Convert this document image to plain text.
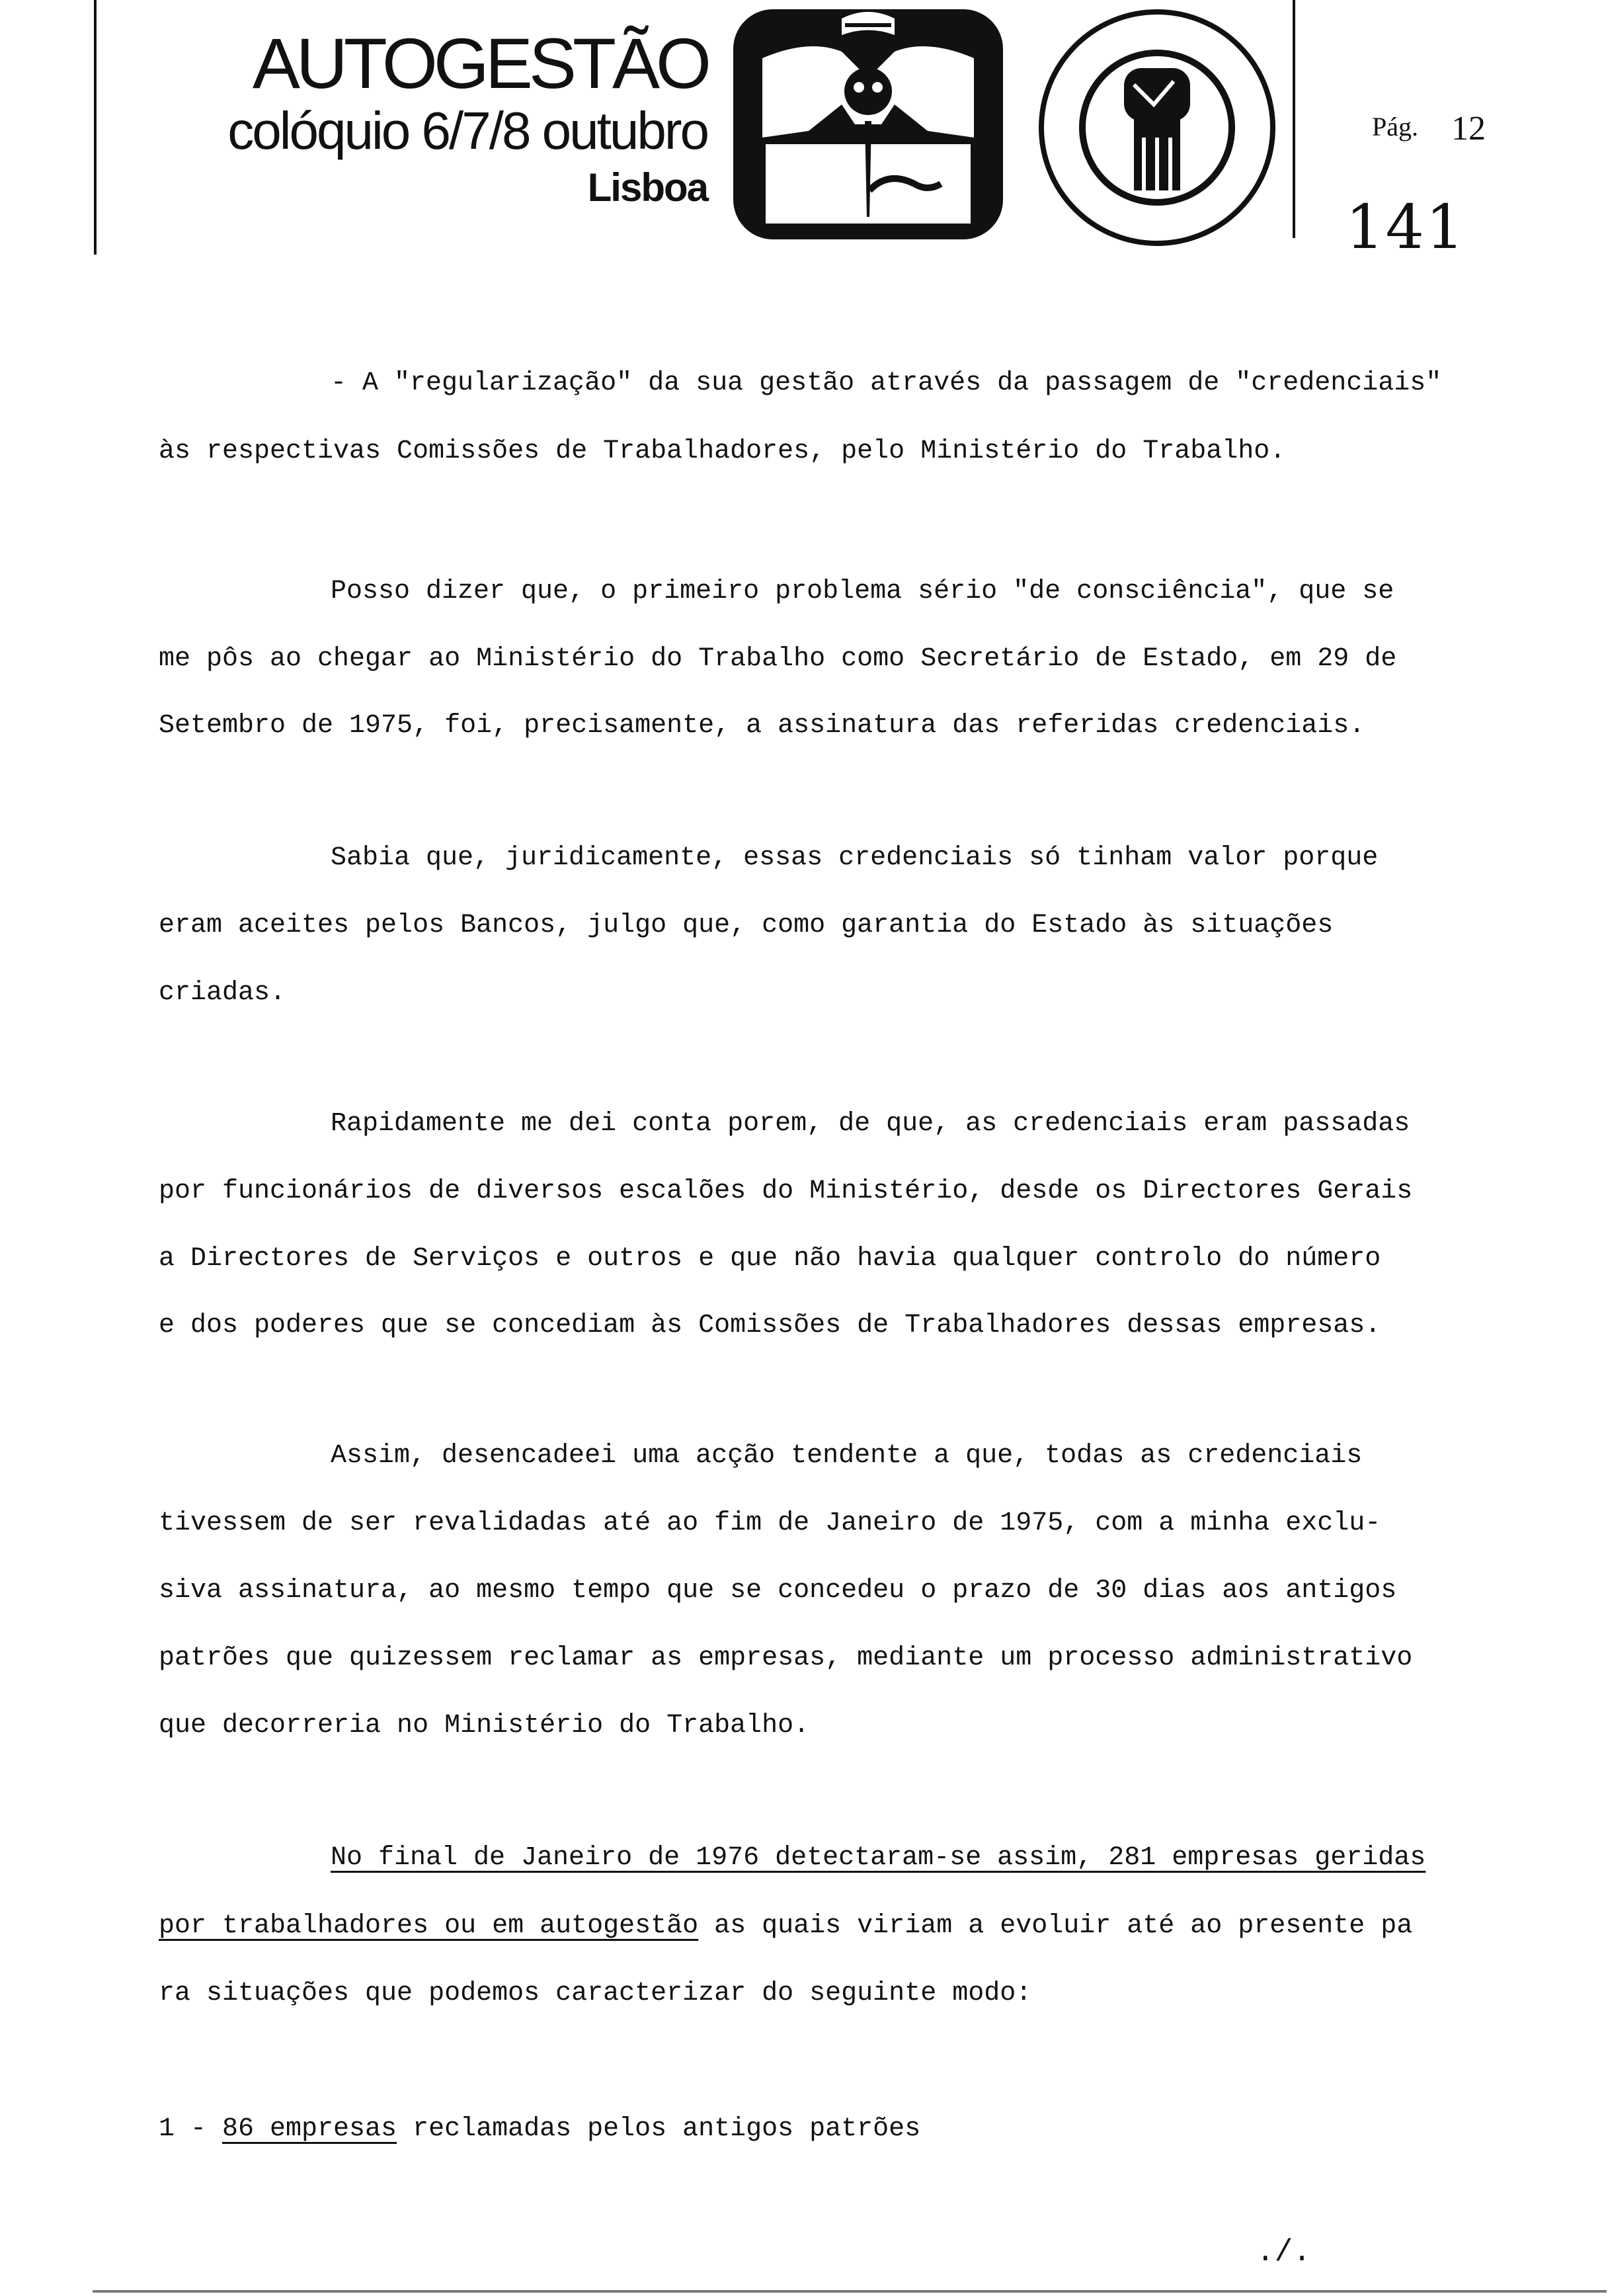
AUTOGESTÃO
colóquio 6/7/8 outubro
Lisboa
Pág. 12
141
- A "regularização" da sua gestão através da passagem de "credenciais"
às respectivas Comissões de Trabalhadores, pelo Ministério do Trabalho.
Posso dizer que, o primeiro problema sério "de consciência", que se
me pôs ao chegar ao Ministério do Trabalho como Secretário de Estado, em 29 de
Setembro de 1975, foi, precisamente, a assinatura das referidas credenciais.
Sabia que, juridicamente, essas credenciais só tinham valor porque
eram aceites pelos Bancos, julgo que, como garantia do Estado às situações
criadas.
Rapidamente me dei conta porem, de que, as credenciais eram passadas
por funcionários de diversos escalões do Ministério, desde os Directores Gerais
a Directores de Serviços e outros e que não havia qualquer controlo do número
e dos poderes que se concediam às Comissões de Trabalhadores dessas empresas.
Assim, desencadeei uma acção tendente a que, todas as credenciais
tivessem de ser revalidadas até ao fim de Janeiro de 1975, com a minha exclu-
siva assinatura, ao mesmo tempo que se concedeu o prazo de 30 dias aos antigos
patrões que quizessem reclamar as empresas, mediante um processo administrativo
que decorreria no Ministério do Trabalho.
No final de Janeiro de 1976 detectaram-se assim, 281 empresas geridas
por trabalhadores ou em autogestão as quais viriam a evoluir até ao presente pa
ra situações que podemos caracterizar do seguinte modo:
1 - 86 empresas reclamadas pelos antigos patrões
./.
